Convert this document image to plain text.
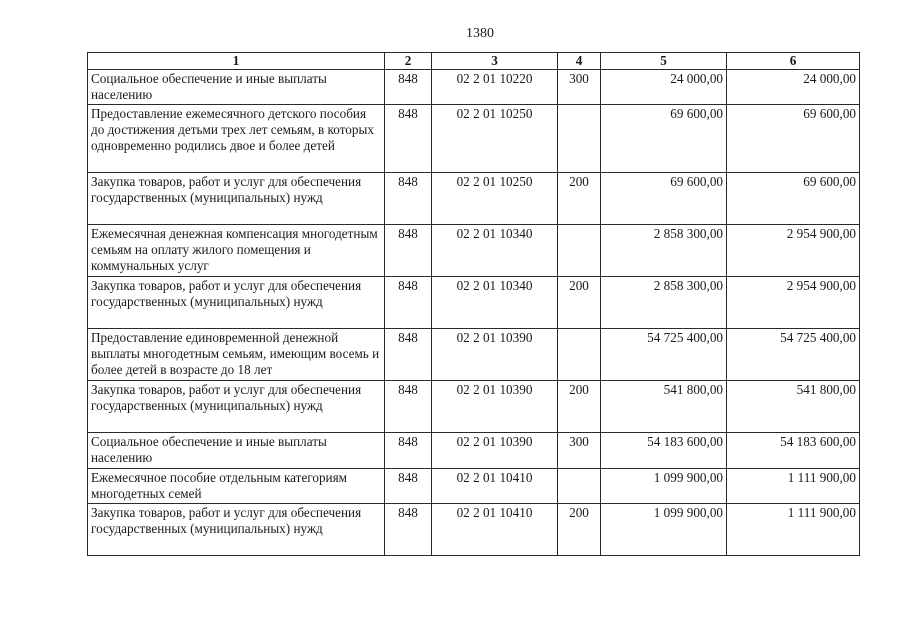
1380
1	2	3	4	5	6
Социальное обеспечение и иные выплаты населению	848	02 2 01 10220	300	24 000,00	24 000,00
Предоставление ежемесячного детского пособия до достижения детьми трех лет семьям, в которых одновременно родились двое и более детей	848	02 2 01 10250		69 600,00	69 600,00
Закупка товаров, работ и услуг для обеспечения государственных (муниципальных) нужд	848	02 2 01 10250	200	69 600,00	69 600,00
Ежемесячная денежная компенсация многодетным семьям на оплату жилого помещения и коммунальных услуг	848	02 2 01 10340		2 858 300,00	2 954 900,00
Закупка товаров, работ и услуг для обеспечения государственных (муниципальных) нужд	848	02 2 01 10340	200	2 858 300,00	2 954 900,00
Предоставление единовременной денежной выплаты многодетным семьям, имеющим восемь и более детей в возрасте до 18 лет	848	02 2 01 10390		54 725 400,00	54 725 400,00
Закупка товаров, работ и услуг для обеспечения государственных (муниципальных) нужд	848	02 2 01 10390	200	541 800,00	541 800,00
Социальное обеспечение и иные выплаты населению	848	02 2 01 10390	300	54 183 600,00	54 183 600,00
Ежемесячное пособие отдельным категориям многодетных семей	848	02 2 01 10410		1 099 900,00	1 111 900,00
Закупка товаров, работ и услуг для обеспечения государственных (муниципальных) нужд	848	02 2 01 10410	200	1 099 900,00	1 111 900,00
